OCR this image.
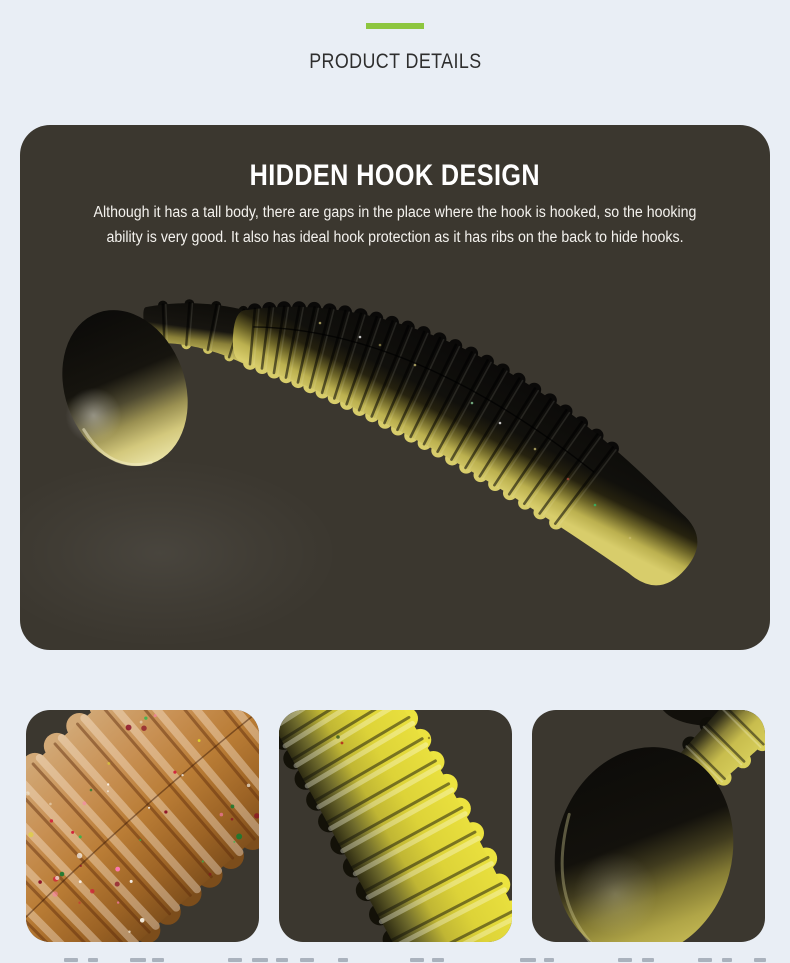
PRODUCT DETAILS
HIDDEN HOOK DESIGN
Although it has a tall body, there are gaps in the place where the hook is hooked, so the hooking
ability is very good. It also has ideal hook protection as it has ribs on the back to hide hooks.
